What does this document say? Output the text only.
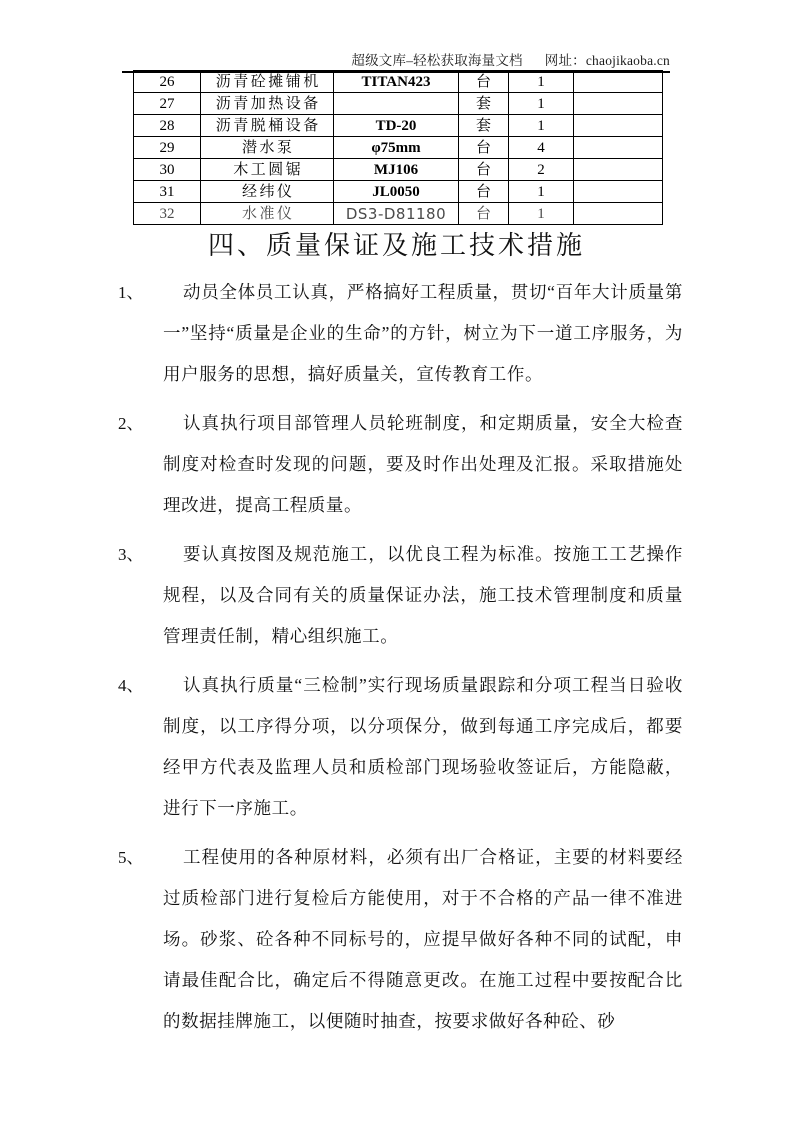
超级文库–轻松获取海量文档 网址：chaojikaoba.cn
26	沥青砼摊铺机	TITAN423	台	1	
27	沥青加热设备		套	1	
28	沥青脱桶设备	TD-20	套	1	
29	潜水泵	φ75mm	台	4	
30	木工圆锯	MJ106	台	2	
31	经纬仪	JL0050	台	1	
32	水准仪	DS3-D81180	台	1	
四、质量保证及施工技术措施
1、	动员全体员工认真，严格搞好工程质量，贯切“百年大计质量第一”坚持“质量是企业的生命”的方针，树立为下一道工序服务，为用户服务的思想，搞好质量关，宣传教育工作。
2、	认真执行项目部管理人员轮班制度，和定期质量，安全大检查制度对检查时发现的问题，要及时作出处理及汇报。采取措施处理改进，提高工程质量。
3、	要认真按图及规范施工，以优良工程为标准。按施工工艺操作规程，以及合同有关的质量保证办法，施工技术管理制度和质量管理责任制，精心组织施工。
4、	认真执行质量“三检制”实行现场质量跟踪和分项工程当日验收制度，以工序得分项，以分项保分，做到每通工序完成后，都要经甲方代表及监理人员和质检部门现场验收签证后，方能隐蔽，进行下一序施工。
5、	工程使用的各种原材料，必须有出厂合格证，主要的材料要经过质检部门进行复检后方能使用，对于不合格的产品一律不准进场。砂浆、砼各种不同标号的，应提早做好各种不同的试配，申请最佳配合比，确定后不得随意更改。在施工过程中要按配合比的数据挂牌施工，以便随时抽查，按要求做好各种砼、砂
